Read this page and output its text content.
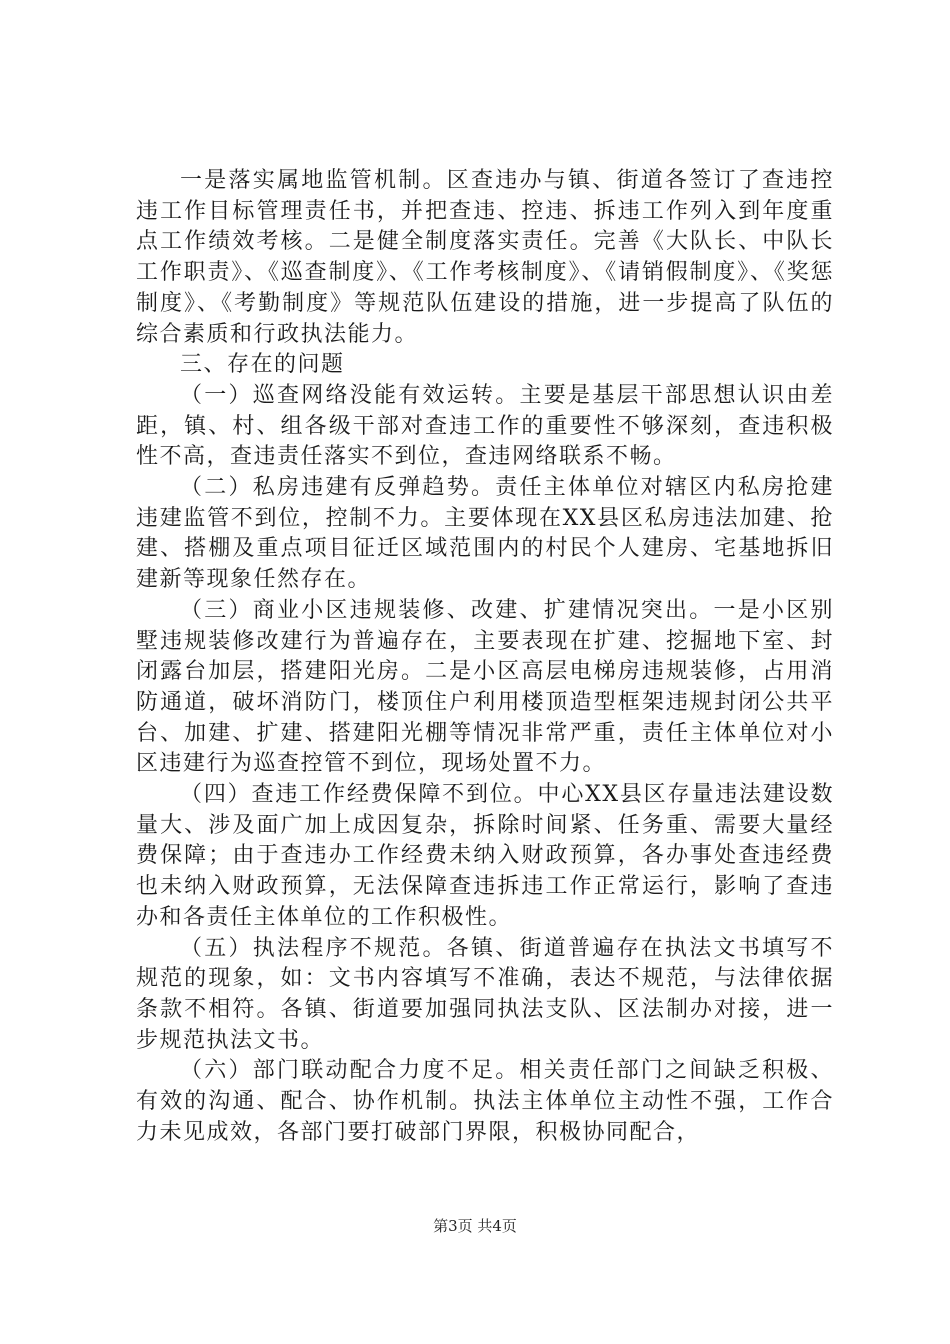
一是落实属地监管机制。区查违办与镇、街道各签订了查违控违工作目标管理责任书，并把查违、控违、拆违工作列入到年度重点工作绩效考核。二是健全制度落实责任。完善《大队长、中队长工作职责》、《巡查制度》、《工作考核制度》、《请销假制度》、《奖惩制度》、《考勤制度》等规范队伍建设的措施，进一步提高了队伍的综合素质和行政执法能力。

三、存在的问题

（一）巡查网络没能有效运转。主要是基层干部思想认识由差距，镇、村、组各级干部对查违工作的重要性不够深刻，查违积极性不高，查违责任落实不到位，查违网络联系不畅。

（二）私房违建有反弹趋势。责任主体单位对辖区内私房抢建违建监管不到位，控制不力。主要体现在XX县区私房违法加建、抢建、搭棚及重点项目征迁区域范围内的村民个人建房、宅基地拆旧建新等现象任然存在。

（三）商业小区违规装修、改建、扩建情况突出。一是小区别墅违规装修改建行为普遍存在，主要表现在扩建、挖掘地下室、封闭露台加层，搭建阳光房。二是小区高层电梯房违规装修，占用消防通道，破坏消防门，楼顶住户利用楼顶造型框架违规封闭公共平台、加建、扩建、搭建阳光棚等情况非常严重，责任主体单位对小区违建行为巡查控管不到位，现场处置不力。

（四）查违工作经费保障不到位。中心XX县区存量违法建设数量大、涉及面广加上成因复杂，拆除时间紧、任务重、需要大量经费保障；由于查违办工作经费未纳入财政预算，各办事处查违经费也未纳入财政预算，无法保障查违拆违工作正常运行，影响了查违办和各责任主体单位的工作积极性。

（五）执法程序不规范。各镇、街道普遍存在执法文书填写不规范的现象，如：文书内容填写不准确，表达不规范，与法律依据条款不相符。各镇、街道要加强同执法支队、区法制办对接，进一步规范执法文书。

（六）部门联动配合力度不足。相关责任部门之间缺乏积极、有效的沟通、配合、协作机制。执法主体单位主动性不强，工作合力未见成效，各部门要打破部门界限，积极协同配合，

第3页 共4页
